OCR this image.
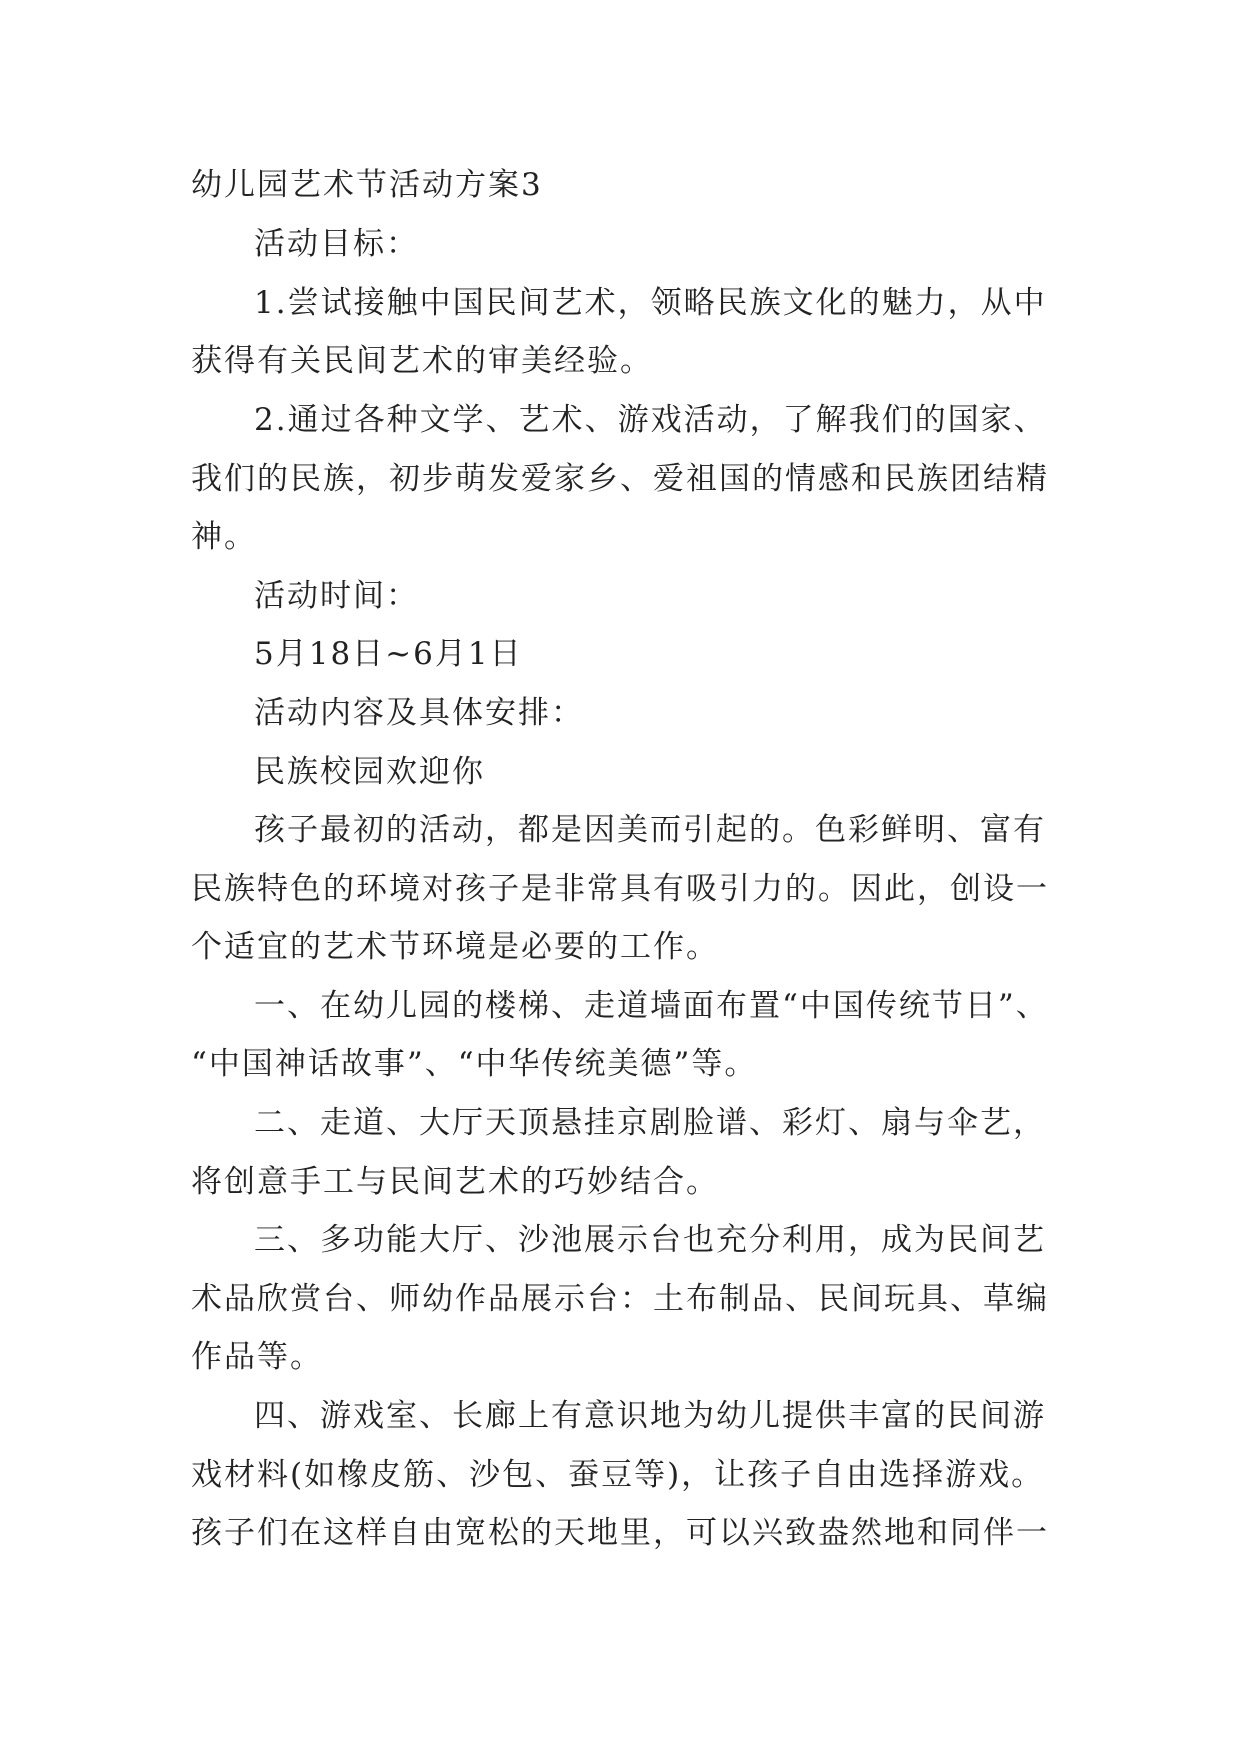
幼儿园艺术节活动方案3
活动目标：
1.尝试接触中国民间艺术，领略民族文化的魅力，从中
获得有关民间艺术的审美经验。
2.通过各种文学、艺术、游戏活动，了解我们的国家、
我们的民族，初步萌发爱家乡、爱祖国的情感和民族团结精
神。
活动时间：
5月18日~6月1日
活动内容及具体安排：
民族校园欢迎你
孩子最初的活动，都是因美而引起的。色彩鲜明、富有
民族特色的环境对孩子是非常具有吸引力的。因此，创设一
个适宜的艺术节环境是必要的工作。
一、在幼儿园的楼梯、走道墙面布置“中国传统节日”、
“中国神话故事”、“中华传统美德”等。
二、走道、大厅天顶悬挂京剧脸谱、彩灯、扇与伞艺，
将创意手工与民间艺术的巧妙结合。
三、多功能大厅、沙池展示台也充分利用，成为民间艺
术品欣赏台、师幼作品展示台：土布制品、民间玩具、草编
作品等。
四、游戏室、长廊上有意识地为幼儿提供丰富的民间游
戏材料(如橡皮筋、沙包、蚕豆等)，让孩子自由选择游戏。
孩子们在这样自由宽松的天地里，可以兴致盎然地和同伴一
